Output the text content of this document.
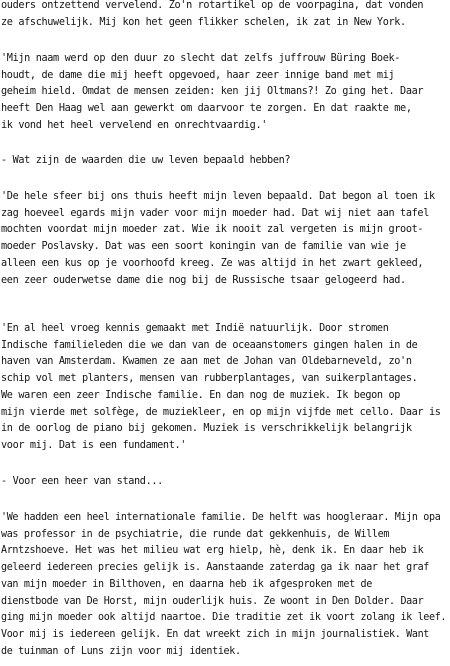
ouders ontzettend vervelend. Zo'n rotartikel op de voorpagina, dat vonden
ze afschuwelijk. Mij kon het geen flikker schelen, ik zat in New York.
'Mijn naam werd op den duur zo slecht dat zelfs juffrouw Büring Boek-
houdt, de dame die mij heeft opgevoed, haar zeer innige band met mij
geheim hield. Omdat de mensen zeiden: ken jij Oltmans?! Zo ging het. Daar
heeft Den Haag wel aan gewerkt om daarvoor te zorgen. En dat raakte me,
ik vond het heel vervelend en onrechtvaardig.'
- Wat zijn de waarden die uw leven bepaald hebben?
'De hele sfeer bij ons thuis heeft mijn leven bepaald. Dat begon al toen ik
zag hoeveel egards mijn vader voor mijn moeder had. Dat wij niet aan tafel
mochten voordat mijn moeder zat. Wie ik nooit zal vergeten is mijn groot-
moeder Poslavsky. Dat was een soort koningin van de familie van wie je
alleen een kus op je voorhoofd kreeg. Ze was altijd in het zwart gekleed,
een zeer ouderwetse dame die nog bij de Russische tsaar gelogeerd had.
'En al heel vroeg kennis gemaakt met Indië natuurlijk. Door stromen
Indische familieleden die we dan van de oceaanstomers gingen halen in de
haven van Amsterdam. Kwamen ze aan met de Johan van Oldebarneveld, zo'n
schip vol met planters, mensen van rubberplantages, van suikerplantages.
We waren een zeer Indische familie. En dan nog de muziek. Ik begon op
mijn vierde met solfège, de muziekleer, en op mijn vijfde met cello. Daar is
in de oorlog de piano bij gekomen. Muziek is verschrikkelijk belangrijk
voor mij. Dat is een fundament.'
- Voor een heer van stand...
'We hadden een heel internationale familie. De helft was hoogleraar. Mijn opa
was professor in de psychiatrie, die runde dat gekkenhuis, de Willem
Arntzshoeve. Het was het milieu wat erg hielp, hè, denk ik. En daar heb ik
geleerd iedereen precies gelijk is. Aanstaande zaterdag ga ik naar het graf
van mijn moeder in Bilthoven, en daarna heb ik afgesproken met de
dienstbode van De Horst, mijn ouderlijk huis. Ze woont in Den Dolder. Daar
ging mijn moeder ook altijd naartoe. Die traditie zet ik voort zolang ik leef.
Voor mij is iedereen gelijk. En dat wreekt zich in mijn journalistiek. Want
de tuinman of Luns zijn voor mij identiek.
